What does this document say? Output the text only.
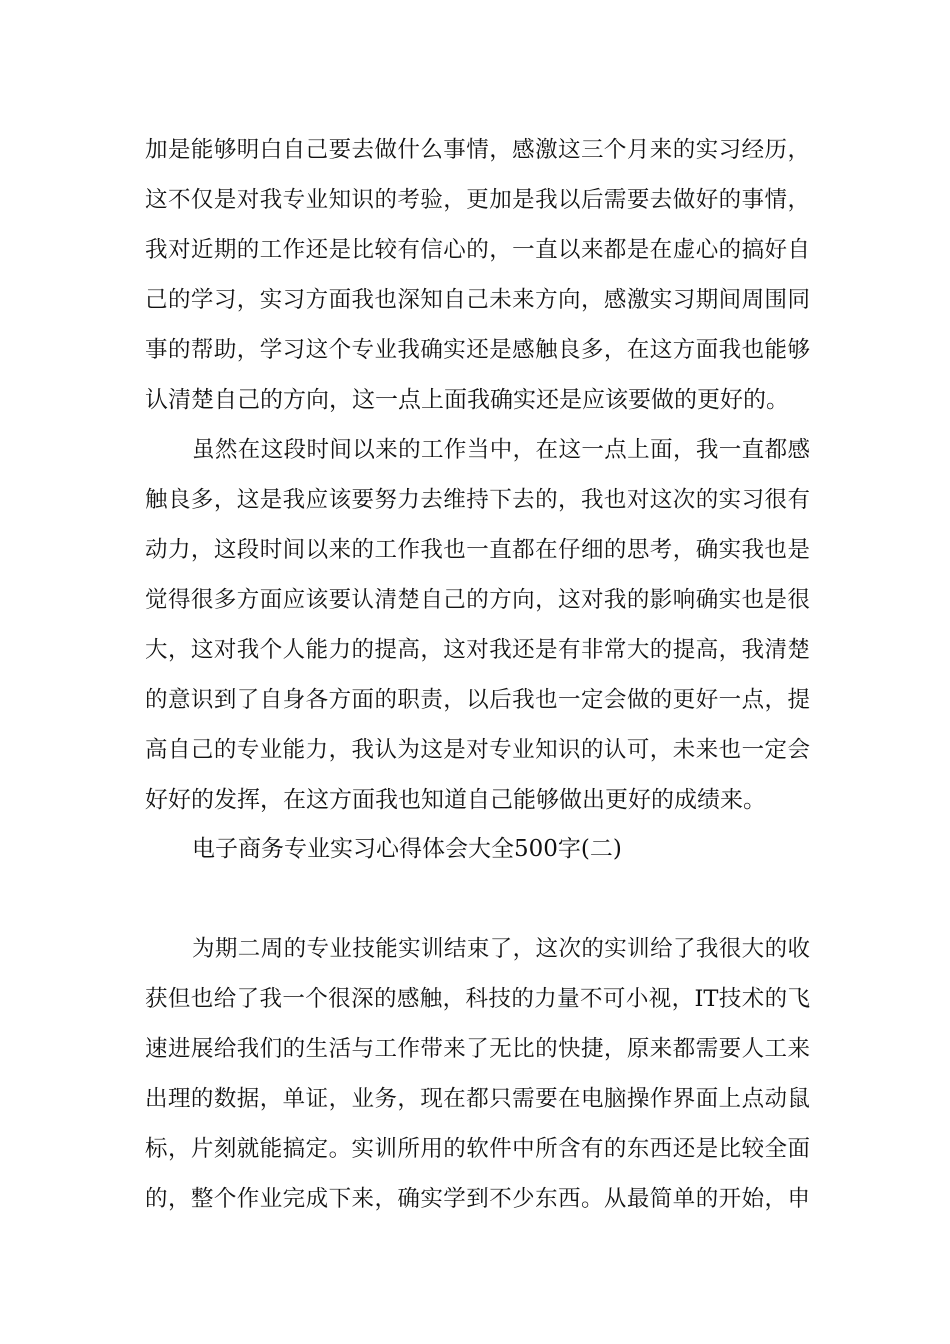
加是能够明白自己要去做什么事情，感激这三个月来的实习经历，
这不仅是对我专业知识的考验，更加是我以后需要去做好的事情，
我对近期的工作还是比较有信心的，一直以来都是在虚心的搞好自
己的学习，实习方面我也深知自己未来方向，感激实习期间周围同
事的帮助，学习这个专业我确实还是感触良多，在这方面我也能够
认清楚自己的方向，这一点上面我确实还是应该要做的更好的。
虽然在这段时间以来的工作当中，在这一点上面，我一直都感
触良多，这是我应该要努力去维持下去的，我也对这次的实习很有
动力，这段时间以来的工作我也一直都在仔细的思考，确实我也是
觉得很多方面应该要认清楚自己的方向，这对我的影响确实也是很
大，这对我个人能力的提高，这对我还是有非常大的提高，我清楚
的意识到了自身各方面的职责，以后我也一定会做的更好一点，提
高自己的专业能力，我认为这是对专业知识的认可，未来也一定会
好好的发挥，在这方面我也知道自己能够做出更好的成绩来。
电子商务专业实习心得体会大全500字(二)
为期二周的专业技能实训结束了，这次的实训给了我很大的收
获但也给了我一个很深的感触，科技的力量不可小视，IT技术的飞
速进展给我们的生活与工作带来了无比的快捷，原来都需要人工来
出理的数据，单证，业务，现在都只需要在电脑操作界面上点动鼠
标，片刻就能搞定。实训所用的软件中所含有的东西还是比较全面
的，整个作业完成下来，确实学到不少东西。从最简单的开始，申
